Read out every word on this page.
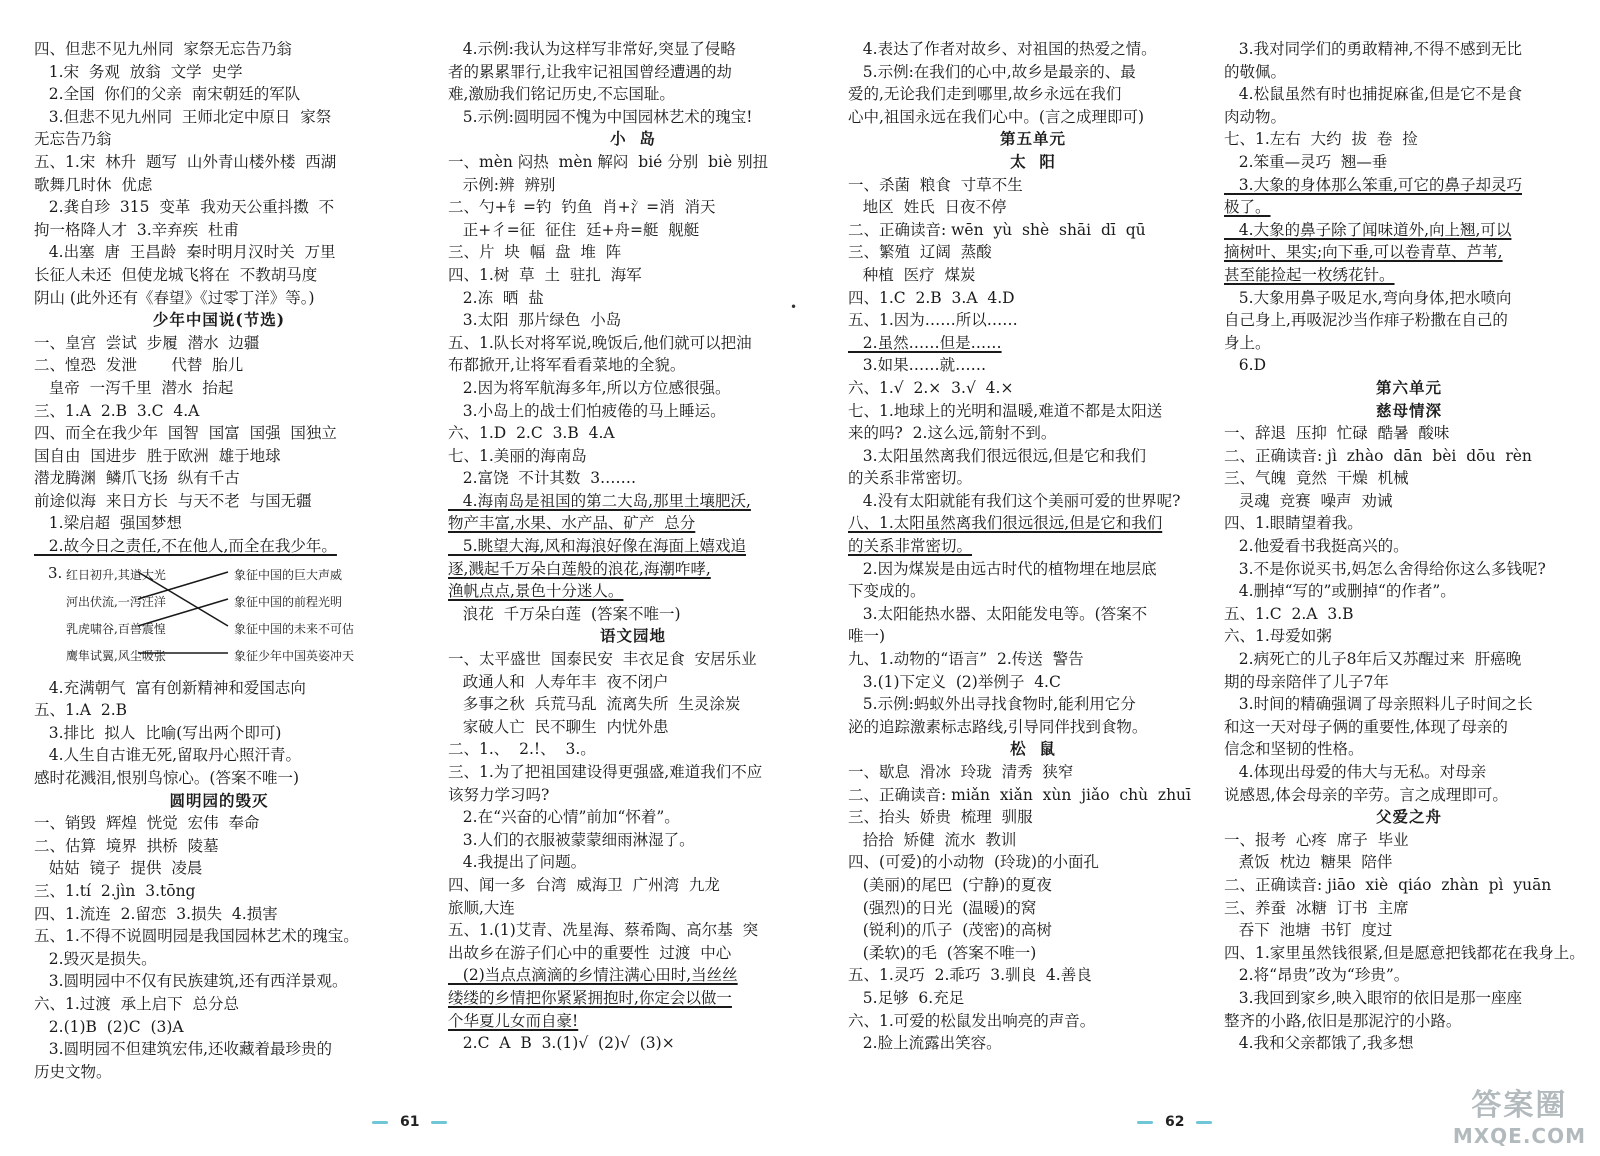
四、但悲不见九州同  家祭无忘告乃翁
1.宋  务观  放翁  文学  史学
2.全国  你们的父亲  南宋朝廷的军队
3.但悲不见九州同  王师北定中原日  家祭
无忘告乃翁
五、1.宋  林升  题写  山外青山楼外楼  西湖
歌舞几时休  优虑
2.龚自珍  315  变革  我劝天公重抖擞  不
拘一格降人才  3.辛弃疾  杜甫
4.出塞  唐  王昌龄  秦时明月汉时关  万里
长征人未还  但使龙城飞将在  不教胡马度
阴山 (此外还有《春望》《过零丁洋》等。)
少年中国说(节选)
一、皇宫  尝试  步履  潜水  边疆
二、惶恐  发泄       代替  胎儿
皇帝  一泻千里  潜水  抬起
三、1.A  2.B  3.C  4.A
四、而全在我少年  国智  国富  国强  国独立
国自由  国进步  胜于欧洲  雄于地球
潜龙腾渊  鳞爪飞扬  纵有千古
前途似海  来日方长  与天不老  与国无疆
1.梁启超  强国梦想
2.故今日之责任,不在他人,而全在我少年。
3. 红日初升,其道大光
河出伏流,一泻汪洋
乳虎啸谷,百兽震惶
鹰隼试翼,风尘吸张
象征中国的巨大声威
象征中国的前程光明
象征中国的未来不可估
象征少年中国英姿冲天
4.充满朝气  富有创新精神和爱国志向
五、1.A  2.B
3.排比  拟人  比喻(写出两个即可)
4.人生自古谁无死,留取丹心照汗青。
感时花溅泪,恨别鸟惊心。(答案不唯一)
圆明园的毁灭
一、销毁  辉煌  恍觉  宏伟  奉命
二、估算  境界  拱桥  陵墓
姑姑  镜子  提供  凌晨
三、1.tí  2.jìn  3.tōng
四、1.流连  2.留恋  3.损失  4.损害
五、1.不得不说圆明园是我国园林艺术的瑰宝。
2.毁灭是损失。
3.圆明园中不仅有民族建筑,还有西洋景观。
六、1.过渡  承上启下  总分总
2.(1)B  (2)C  (3)A
3.圆明园不但建筑宏伟,还收藏着最珍贵的
历史文物。
4.示例:我认为这样写非常好,突显了侵略
者的累累罪行,让我牢记祖国曾经遭遇的劫
难,激励我们铭记历史,不忘国耻。
5.示例:圆明园不愧为中国园林艺术的瑰宝!
小  岛
一、mèn 闷热  mèn 解闷  bié 分别  biè 别扭
示例:辨  辨别
二、勺+钅=钓  钓鱼  肖+氵=消  消天
正+彳=征  征住  廷+舟=艇  舰艇
三、片  块  幅  盘  堆  阵
四、1.树  草  土  驻扎  海军
2.冻  晒  盐
3.太阳  那片绿色  小岛
五、1.队长对将军说,晚饭后,他们就可以把油
布都掀开,让将军看看菜地的全貌。
2.因为将军航海多年,所以方位感很强。
3.小岛上的战士们怕疲倦的马上睡运。
六、1.D  2.C  3.B  4.A
七、1.美丽的海南岛
2.富饶  不计其数  3.……
4.海南岛是祖国的第二大岛,那里土壤肥沃,
物产丰富,水果、水产品、矿产  总分
5.眺望大海,风和海浪好像在海面上嬉戏追
逐,溅起千万朵白莲般的浪花,海潮咋哮,
渔帆点点,景色十分迷人。
浪花  千万朵白莲  (答案不唯一)
语文园地
一、太平盛世  国泰民安  丰衣足食  安居乐业
政通人和  人寿年丰  夜不闭户
多事之秋  兵荒马乱  流离失所  生灵涂炭
家破人亡  民不聊生  内忧外患
二、1.、  2.!、  3.。
三、1.为了把祖国建设得更强盛,难道我们不应
该努力学习吗?
2.在“兴奋的心情”前加“怀着”。
3.人们的衣服被蒙蒙细雨淋湿了。
4.我提出了问题。
四、闻一多  台湾  威海卫  广州湾  九龙
旅顺,大连
五、1.(1)艾青、冼星海、蔡希陶、高尔基  突
出故乡在游子们心中的重要性  过渡  中心
(2)当点点滴滴的乡情注满心田时,当丝丝
缕缕的乡情把你紧紧拥抱时,你定会以做一
个华夏儿女而自豪!
2.C  A  B  3.(1)√  (2)√  (3)×
61
•
4.表达了作者对故乡、对祖国的热爱之情。
5.示例:在我们的心中,故乡是最亲的、最
爱的,无论我们走到哪里,故乡永远在我们
心中,祖国永远在我们心中。(言之成理即可)
第五单元
太  阳
一、杀菌  粮食  寸草不生
地区  姓氏  日夜不停
二、正确读音: wēn  yù  shè  shāi  dī  qū
三、繁殖  辽阔  蒸酸
种植  医疗  煤炭
四、1.C  2.B  3.A  4.D
五、1.因为……所以……
2.虽然……但是……
3.如果……就……
六、1.√  2.×  3.√  4.×
七、1.地球上的光明和温暖,难道不都是太阳送
来的吗?  2.这么远,箭射不到。
3.太阳虽然离我们很远很远,但是它和我们
的关系非常密切。
4.没有太阳就能有我们这个美丽可爱的世界呢?
八、1.太阳虽然离我们很远很远,但是它和我们
的关系非常密切。
2.因为煤炭是由远古时代的植物埋在地层底
下变成的。
3.太阳能热水器、太阳能发电等。(答案不
唯一)
九、1.动物的“语言”  2.传送  警告
3.(1)下定义  (2)举例子  4.C
5.示例:蚂蚁外出寻找食物时,能利用它分
泌的追踪激素标志路线,引导同伴找到食物。
松  鼠
一、歇息  滑冰  玲珑  清秀  狭窄
二、正确读音: miǎn  xiǎn  xùn  jiǎo  chù  zhuī
三、抬头  娇贵  梳理  驯服
拾拾  矫健  流水  教训
四、(可爱)的小动物  (玲珑)的小面孔
(美丽)的尾巴  (宁静)的夏夜
(强烈)的日光  (温暖)的窝
(锐利)的爪子  (茂密)的高树
(柔软)的毛  (答案不唯一)
五、1.灵巧  2.乖巧  3.驯良  4.善良
5.足够  6.充足
六、1.可爱的松鼠发出响亮的声音。
2.脸上流露出笑容。
3.我对同学们的勇敢精神,不得不感到无比
的敬佩。
4.松鼠虽然有时也捕捉麻雀,但是它不是食
肉动物。
七、1.左右  大约  拔  卷  捡
2.笨重—灵巧  翘—垂
3.大象的身体那么笨重,可它的鼻子却灵巧
极了。
4.大象的鼻子除了闻味道外,向上翘,可以
摘树叶、果实;向下垂,可以卷青草、芦苇,
甚至能捡起一枚绣花针。
5.大象用鼻子吸足水,弯向身体,把水喷向
自己身上,再吸泥沙当作痱子粉撒在自己的
身上。
6.D
第六单元
慈母情深
一、辞退  压抑  忙碌  酷暑  酸味
二、正确读音: jì  zhào  dān  bèi  dōu  rèn
三、气魄  竟然  干燥  机械
灵魂  竞赛  噪声  劝诫
四、1.眼睛望着我。
2.他爱看书我挺高兴的。
3.不是你说买书,妈怎么舍得给你这么多钱呢?
4.删掉“写的”或删掉“的作者”。
五、1.C  2.A  3.B
六、1.母爱如粥
2.病死亡的儿子8年后又苏醒过来  肝癌晚
期的母亲陪伴了儿子7年
3.时间的精确强调了母亲照料儿子时间之长
和这一天对母子俩的重要性,体现了母亲的
信念和坚韧的性格。
4.体现出母爱的伟大与无私。对母亲
说感恩,体会母亲的辛劳。言之成理即可。
父爱之舟
一、报考  心疼  席子  毕业
煮饭  枕边  糖果  陪伴
二、正确读音: jiāo  xiè  qiáo  zhàn  pì  yuān
三、养蚕  冰糖  订书  主席
吞下  池塘  书钉  度过
四、1.家里虽然钱很紧,但是愿意把钱都花在我身上。
2.将“昂贵”改为“珍贵”。
3.我回到家乡,映入眼帘的依旧是那一座座
整齐的小路,依旧是那泥泞的小路。
4.我和父亲都饿了,我多想
62	答案圈
MXQE.COM
